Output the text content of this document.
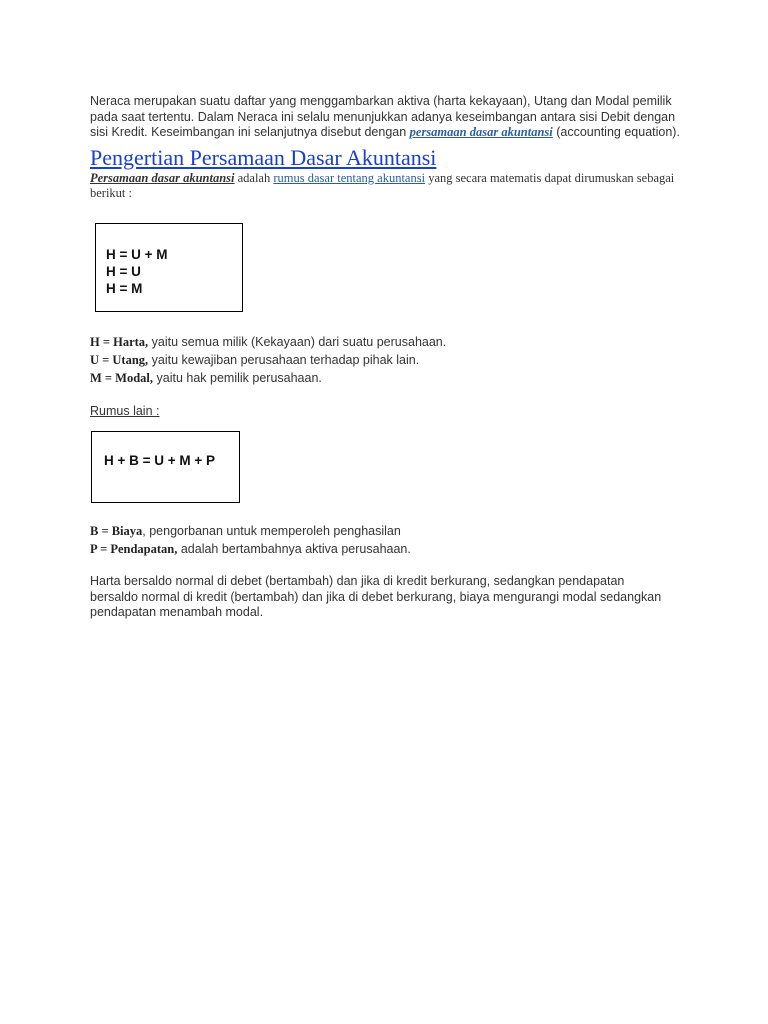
Neraca merupakan suatu daftar yang menggambarkan aktiva (harta kekayaan), Utang dan Modal pemilik pada saat tertentu. Dalam Neraca ini selalu menunjukkan adanya keseimbangan antara sisi Debit dengan sisi Kredit. Keseimbangan ini selanjutnya disebut dengan persamaan dasar akuntansi (accounting equation).

Pengertian Persamaan Dasar Akuntansi

Persamaan dasar akuntansi adalah rumus dasar tentang akuntansi yang secara matematis dapat dirumuskan sebagai berikut :

H = U + M
H = U
H = M
H = Harta, yaitu semua milik (Kekayaan) dari suatu perusahaan.
U = Utang, yaitu kewajiban perusahaan terhadap pihak lain.
M = Modal, yaitu hak pemilik perusahaan.

Rumus lain :

H + B = U + M + P
B = Biaya, pengorbanan untuk memperoleh penghasilan
P = Pendapatan, adalah bertambahnya aktiva perusahaan.

Harta bersaldo normal di debet (bertambah) dan jika di kredit berkurang, sedangkan pendapatan bersaldo normal di kredit (bertambah) dan jika di debet berkurang, biaya mengurangi modal sedangkan pendapatan menambah modal.
